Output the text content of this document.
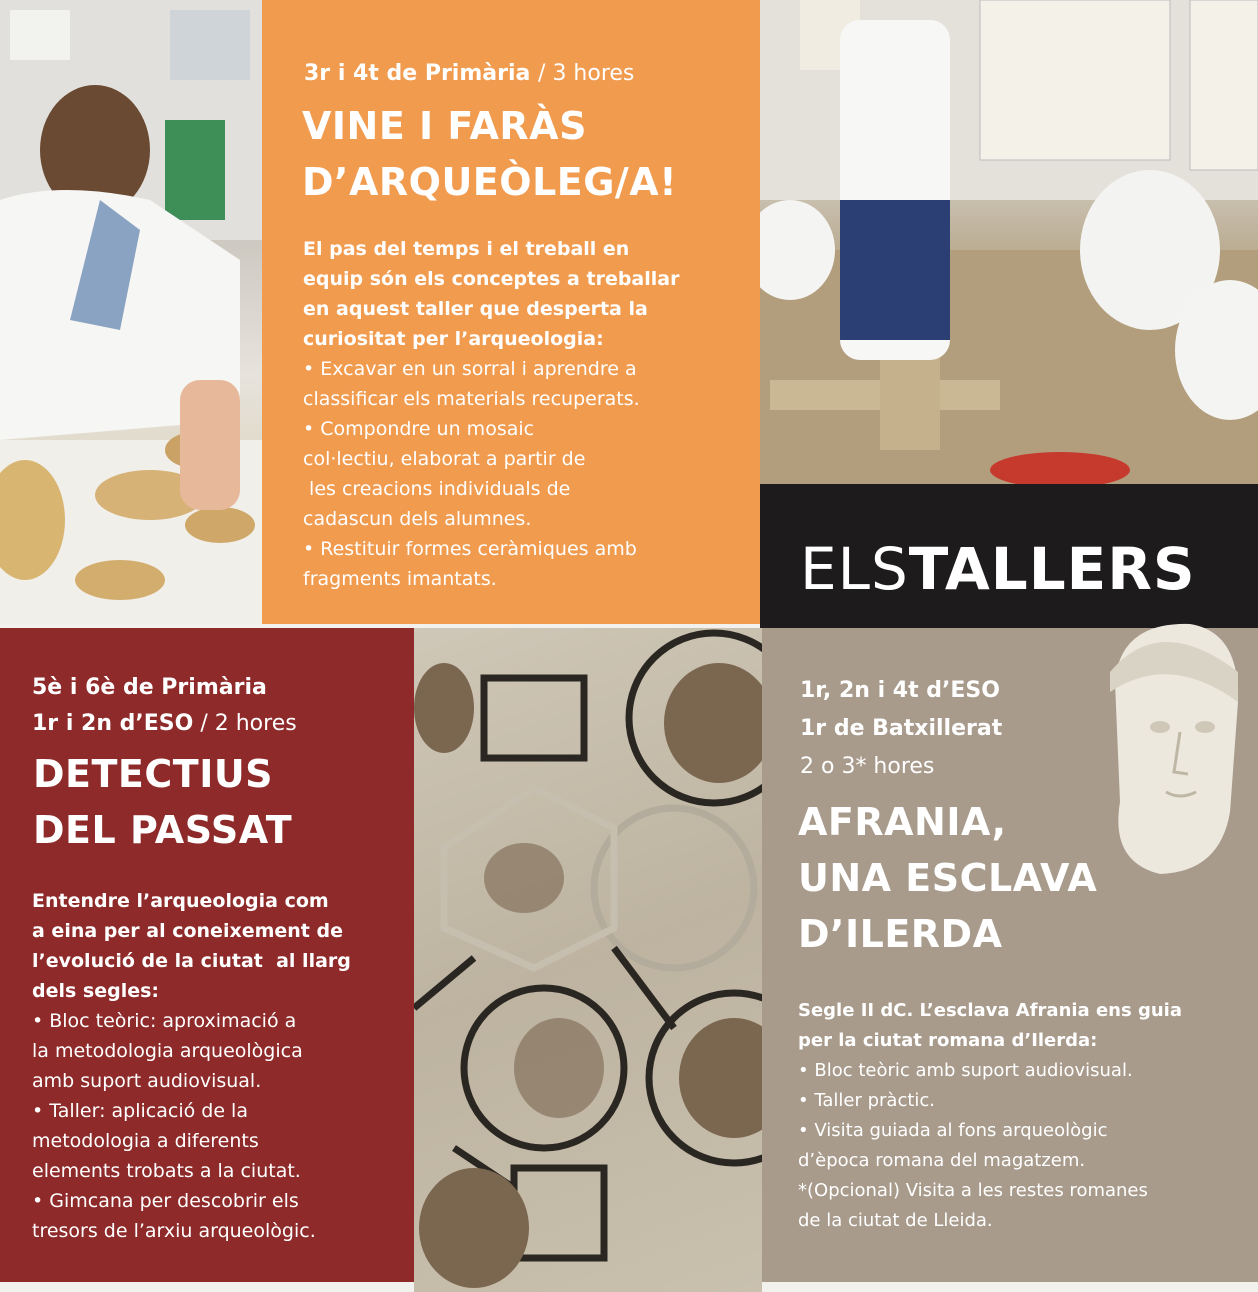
3r i 4t de Primària / 3 hores
VINE I FARÀS
D’ARQUEÒLEG/A!
El pas del temps i el treball en
equip són els conceptes a treballar
en aquest taller que desperta la
curiositat per l’arqueologia:
• Excavar en un sorral i aprendre a
classificar els materials recuperats.
• Compondre un mosaic
col·lectiu, elaborat a partir de
les creacions individuals de
cadascun dels alumnes.
• Restituir formes ceràmiques amb
fragments imantats.	ELSTALLERS
5è i 6è de Primària
1r i 2n d’ESO / 2 hores
DETECTIUS
DEL PASSAT
Entendre l’arqueologia com
a eina per al coneixement de
l’evolució de la ciutat  al llarg
dels segles:
• Bloc teòric: aproximació a
la metodologia arqueològica
amb suport audiovisual.
• Taller: aplicació de la
metodologia a diferents
elements trobats a la ciutat.
• Gimcana per descobrir els
tresors de l’arxiu arqueològic.
1r, 2n i 4t d’ESO
1r de Batxillerat
2 o 3* hores
AFRANIA,
UNA ESCLAVA
D’ILERDA
Segle II dC. L’esclava Afrania ens guia
per la ciutat romana d’Ilerda:
• Bloc teòric amb suport audiovisual.
• Taller pràctic.
• Visita guiada al fons arqueològic
d’època romana del magatzem.
*(Opcional) Visita a les restes romanes
de la ciutat de Lleida.
